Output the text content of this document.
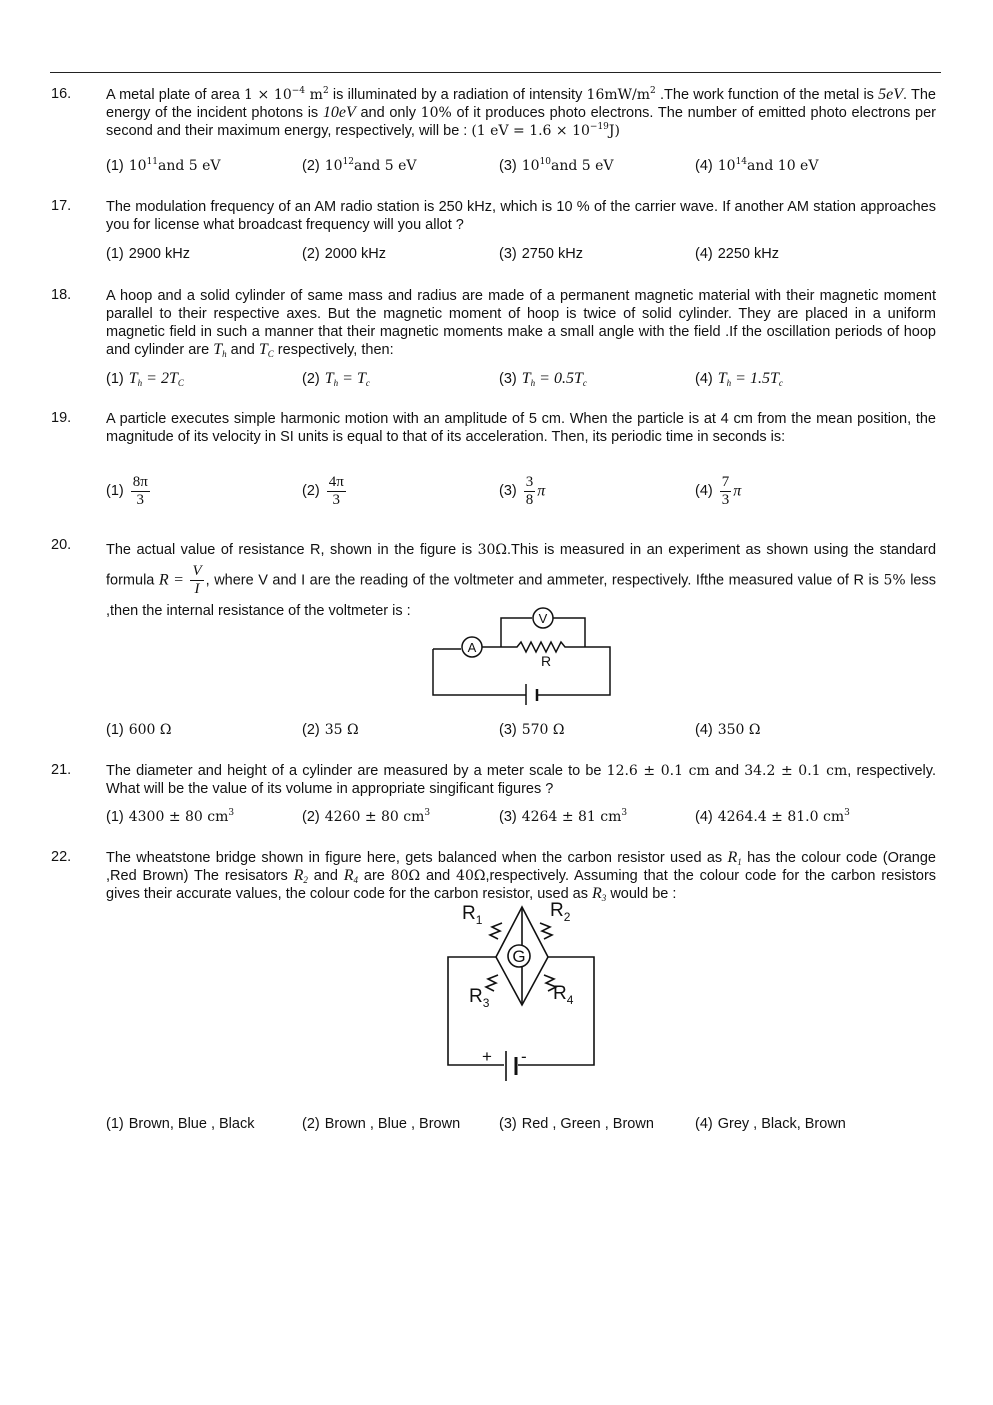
16. A metal plate of area $1 \times 10^{-4}$ $m^2$ is illuminated by a radiation of intensity $16mW/m^2$ .The work function of the metal is 5eV. The energy of the incident photons is 10eV and only 10% of it produces photo electrons. The number of emitted photo electrons per second and their maximum energy, respectively, will be : (1 eV = $1.6 \times 10^{-19}J$)
(1) $10^{11}and$ 5 eV	(2) $10^{12}and$ 5 eV	(3) $10^{10}and$ 5 eV	(4) $10^{14}and$ 10 eV
17. The modulation frequency of an AM radio station is 250 kHz, which is 10 % of the carrier wave. If another AM station approaches you for license what broadcast frequency will you allot ?
(1) 2900 kHz	(2) 2000 kHz	(3) 2750 kHz	(4) 2250 kHz
18. A hoop and a solid cylinder of same mass and radius are made of a permanent magnetic material with their magnetic moment parallel to their respective axes. But the magnetic moment of hoop is twice of solid cylinder. They are placed in a uniform magnetic field in such a manner that their magnetic moments make a small angle with the field .If the oscillation periods of hoop and cylinder are $T_h$ and $T_C$ respectively, then:
(1) $T_h = 2T_C$	(2) $T_h = T_c$	(3) $T_h = 0.5T_c$	(4) $T_h = 1.5T_c$
19. A particle executes simple harmonic motion with an amplitude of 5 cm. When the particle is at 4 cm from the mean position, the magnitude of its velocity in SI units is equal to that of its acceleration. Then, its periodic time in seconds is:
$(1) \frac{8\pi}{3}$	$(2) \frac{4\pi}{3}$	$(3) \frac{3}{8}$ π	$(4) \frac{7}{3}$ π
20. The actual value of resistance R, shown in the figure is 30Ω.This is measured in an experiment as shown using the standard formula $R = \frac{V}{I}$ , where V and I are the reading of the voltmeter and ammeter, respectively. Ifthe measured value of R is 5% less ,then the internal resistance of the voltmeter is :
A
V
R
(1) 600 Ω	(2) 35 Ω	(3) 570 Ω	(4) 350 Ω
21. The diameter and height of a cylinder are measured by a meter scale to be 12.6 ± 0.1 cm and 34.2 ± 0.1 cm, respectively. What will be the value of its volume in appropriate singificant figures ?
(1) 4300 ± 80 $cm^3$	(2) 4260 ± 80 $cm^3$	(3) 4264 ± 81 $cm^3$	(4) 4264.4 ± 81.0 $cm^3$
22. The wheatstone bridge shown in figure here, gets balanced when the carbon resistor used as $R_1$ has the colour code (Orange ,Red Brown) The resisators $R_2$ and $R_4$ are 80Ω and 40Ω,respectively. Assuming that the colour code for the carbon resistors gives their accurate values, the colour code for the carbon resistor, used as $R_3$ would be :
$R_1$	$R_2$
$R_3$	$R_4$
G
+ -
(1) Brown, Blue , Black	(2) Brown , Blue , Brown	(3) Red , Green , Brown	(4) Grey , Black, Brown
